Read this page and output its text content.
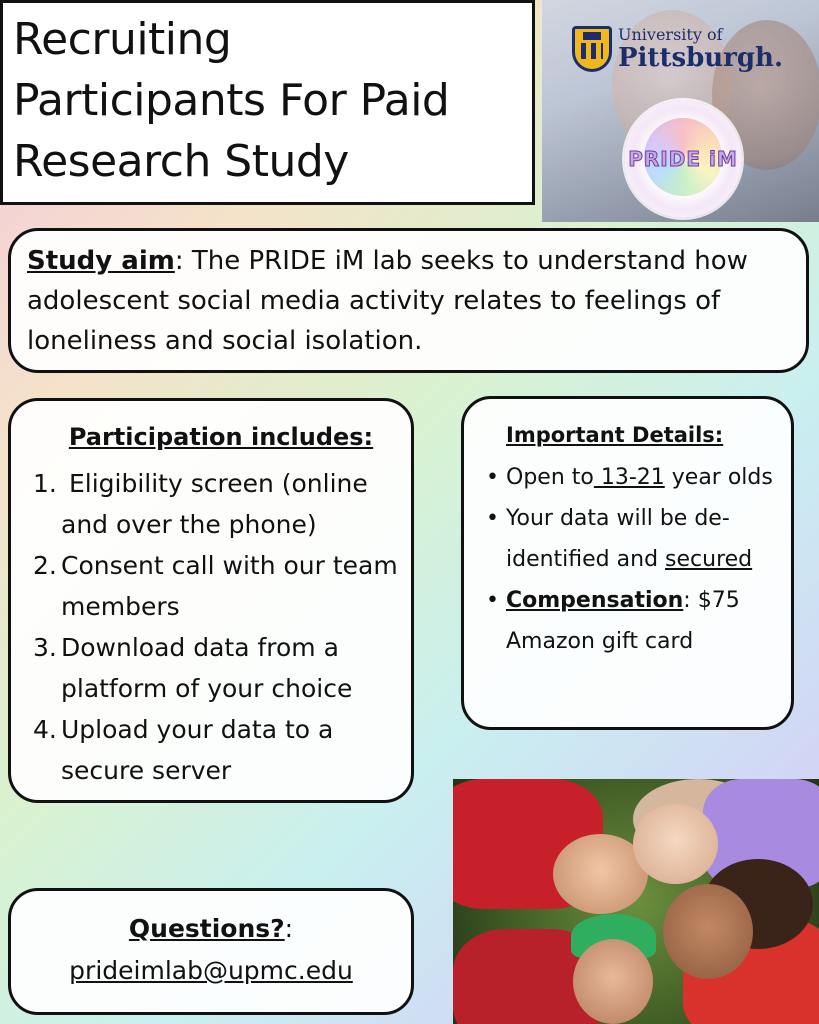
Recruiting
Participants For Paid
Research Study
University of
Pittsburgh.
PRIDE iM

Study aim: The PRIDE iM lab seeks to understand how adolescent social media activity relates to feelings of loneliness and social isolation.

Participation includes:
1. Eligibility screen (online and over the phone)
2. Consent call with our team members
3. Download data from a platform of your choice
4. Upload your data to a secure server
Important Details:
• Open to 13-21 year olds
• Your data will be de-identified and secured
• Compensation: $75 Amazon gift card
Questions?:
prideimlab@upmc.edu
